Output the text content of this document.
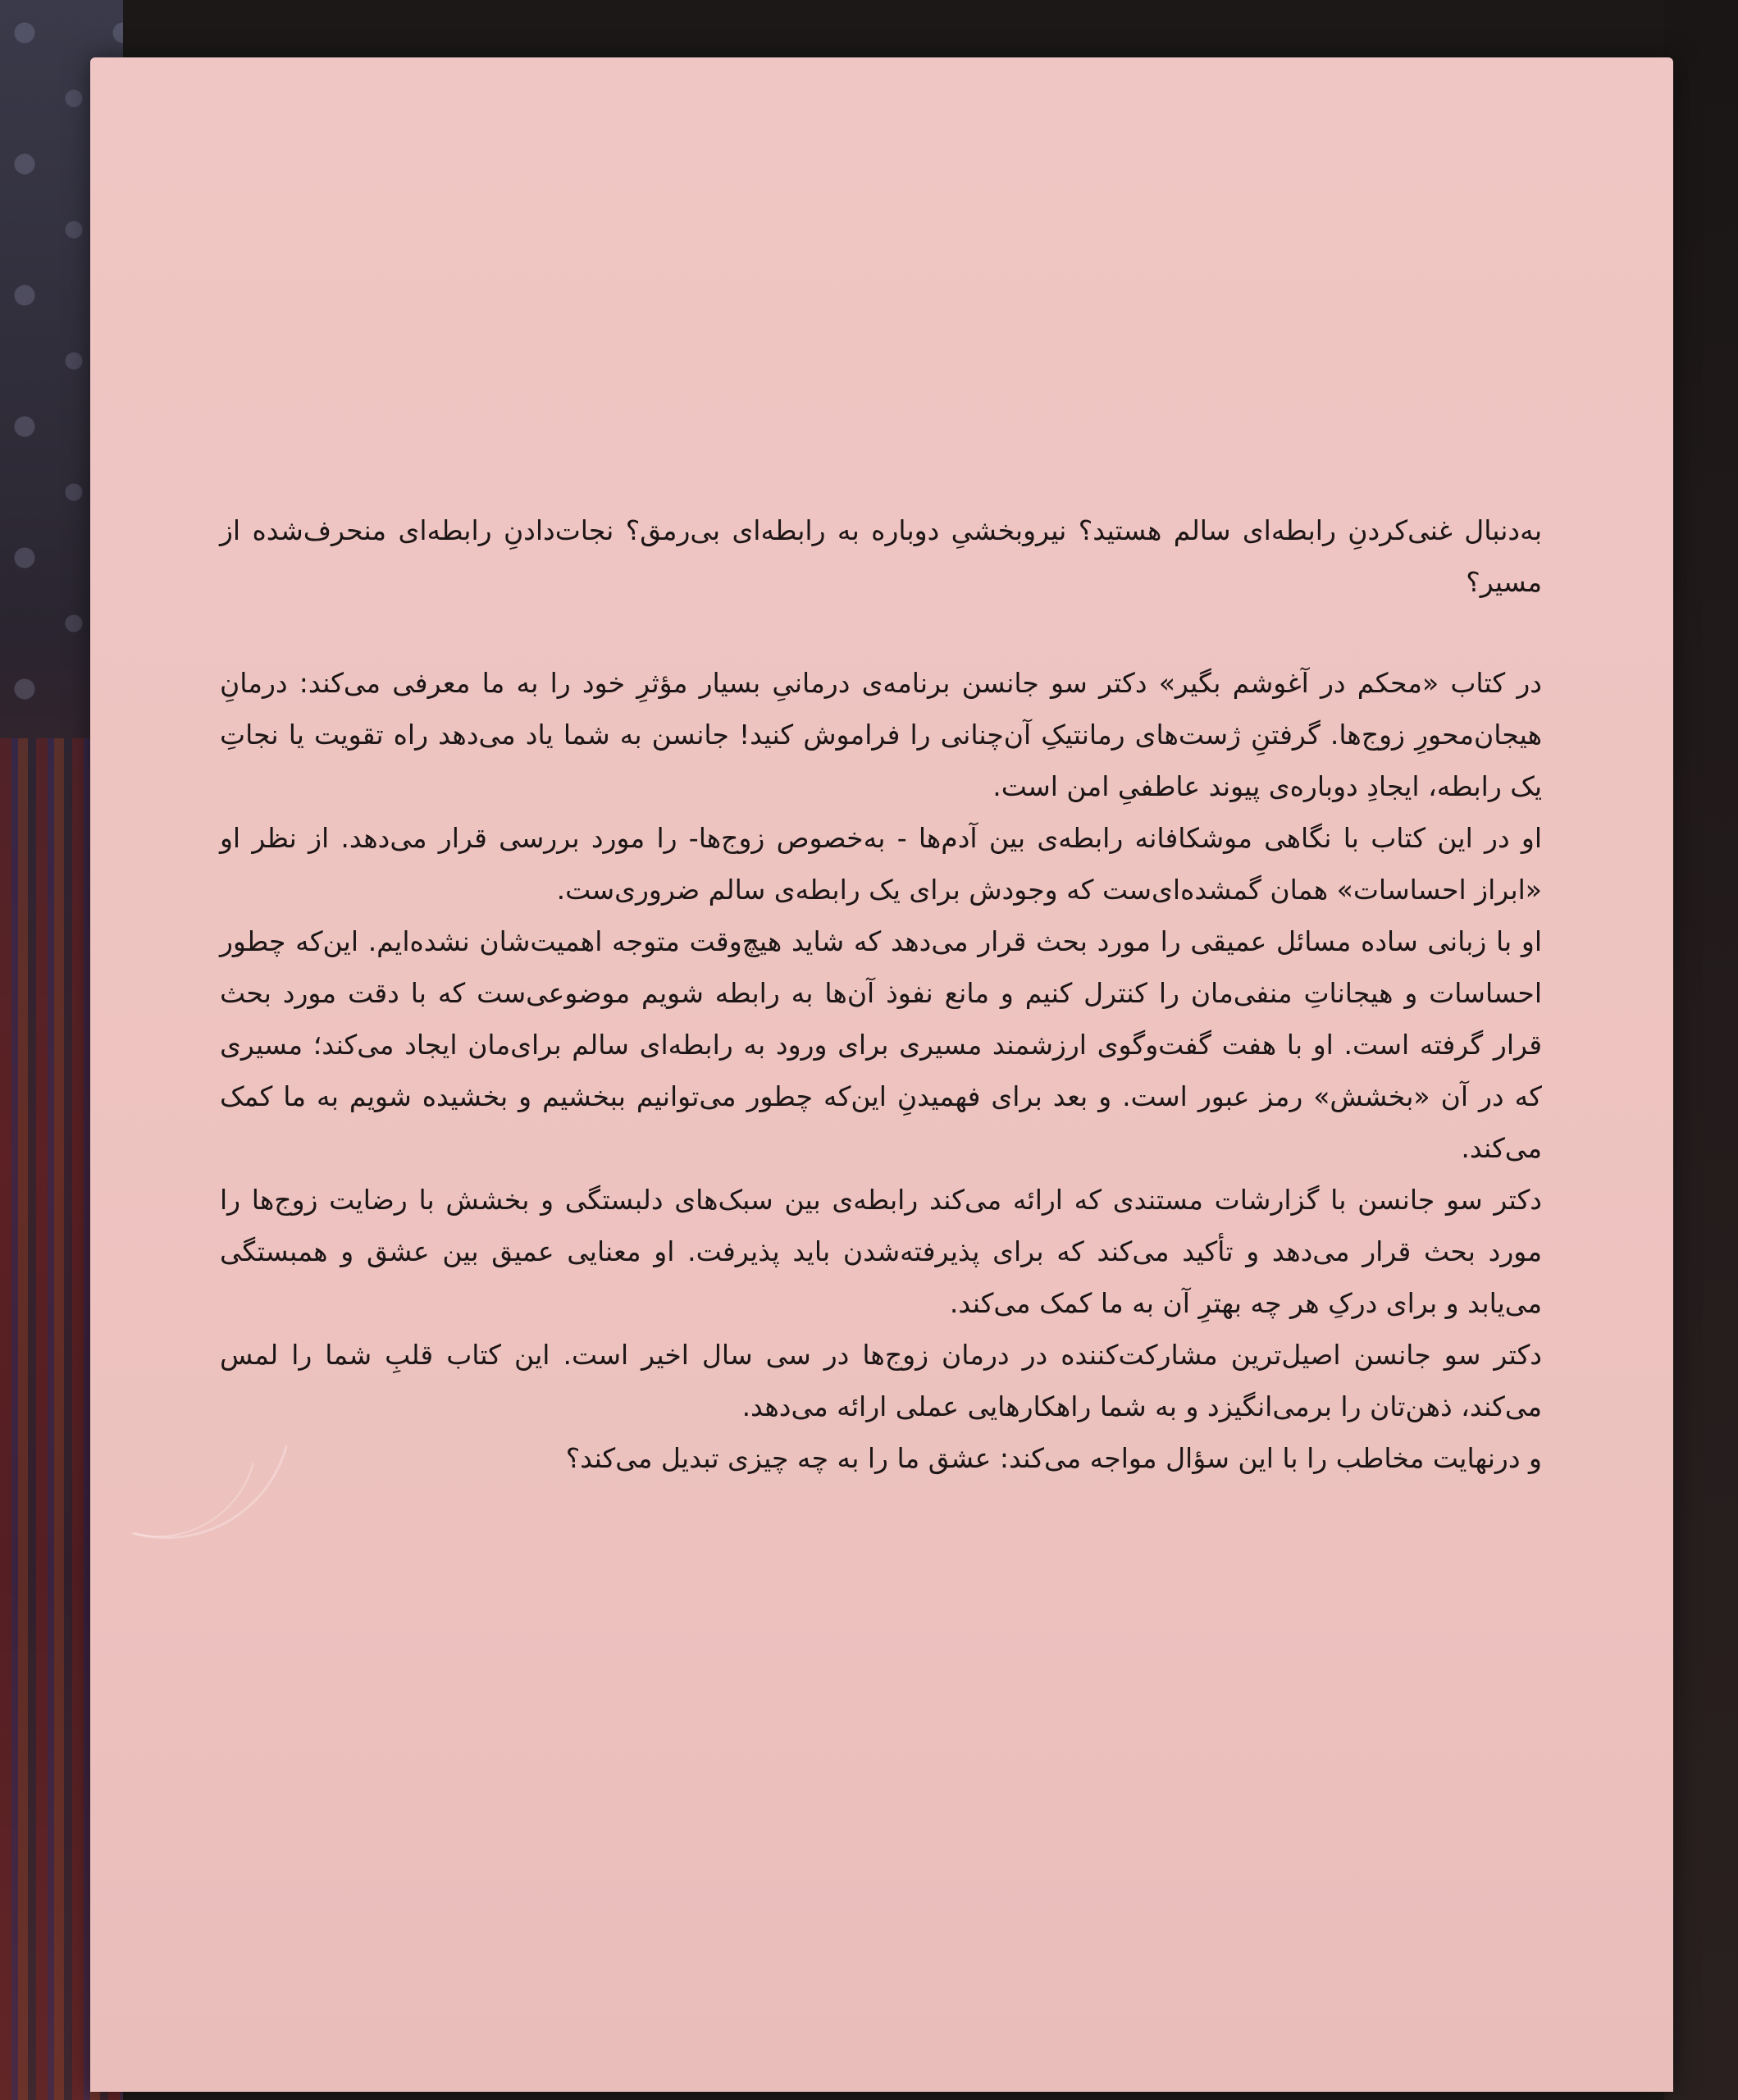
به‌دنبال غنی‌کردنِ رابطه‌ای سالم هستید؟ نیروبخشیِ دوباره به رابطه‌ای بی‌رمق؟ نجات‌دادنِ رابطه‌ای منحرف‌شده از مسیر؟

در کتاب «محکم در آغوشم بگیر» دکتر سو جانسن برنامه‌ی درمانیِ بسیار مؤثرِ خود را به ما معرفی می‌کند: درمانِ هیجان‌محورِ زوج‌ها. گرفتنِ ژست‌های رمانتیکِ آن‌چنانی را فراموش کنید! جانسن به شما یاد می‌دهد راه تقویت یا نجاتِ یک رابطه، ایجادِ دوباره‌ی پیوند عاطفیِ امن است.

او در این کتاب با نگاهی موشکافانه رابطه‌ی بین آدم‌ها - به‌خصوص زوج‌ها- را مورد بررسی قرار می‌دهد. از نظر او «ابراز احساسات» همان گمشده‌ای‌ست که وجودش برای یک رابطه‌ی سالم ضروری‌ست.

او با زبانی ساده مسائل عمیقی را مورد بحث قرار می‌دهد که شاید هیچ‌وقت متوجه اهمیت‌شان نشده‌ایم. این‌که چطور احساسات و هیجاناتِ منفی‌مان را کنترل کنیم و مانع نفوذ آن‌ها به رابطه شویم موضوعی‌ست که با دقت مورد بحث قرار گرفته است. او با هفت گفت‌وگوی ارزشمند مسیری برای ورود به رابطه‌ای سالم برای‌مان ایجاد می‌کند؛ مسیری که در آن «بخشش» رمز عبور است. و بعد برای فهمیدنِ این‌که چطور می‌توانیم ببخشیم و بخشیده شویم به ما کمک می‌کند.

دکتر سو جانسن با گزارشات مستندی که ارائه می‌کند رابطه‌ی بین سبک‌های دلبستگی و بخشش با رضایت زوج‌ها را مورد بحث قرار می‌دهد و تأکید می‌کند که برای پذیرفته‌شدن باید پذیرفت. او معنایی عمیق بین عشق و همبستگی می‌یابد و برای درکِ هر چه بهترِ آن به ما کمک می‌کند.

دکتر سو جانسن اصیل‌ترین مشارکت‌کننده در درمان زوج‌ها در سی سال اخیر است. این کتاب قلبِ شما را لمس می‌کند، ذهن‌تان را برمی‌انگیزد و به شما راهکارهایی عملی ارائه می‌دهد.

و درنهایت مخاطب را با این سؤال مواجه می‌کند: عشق ما را به چه چیزی تبدیل می‌کند؟
